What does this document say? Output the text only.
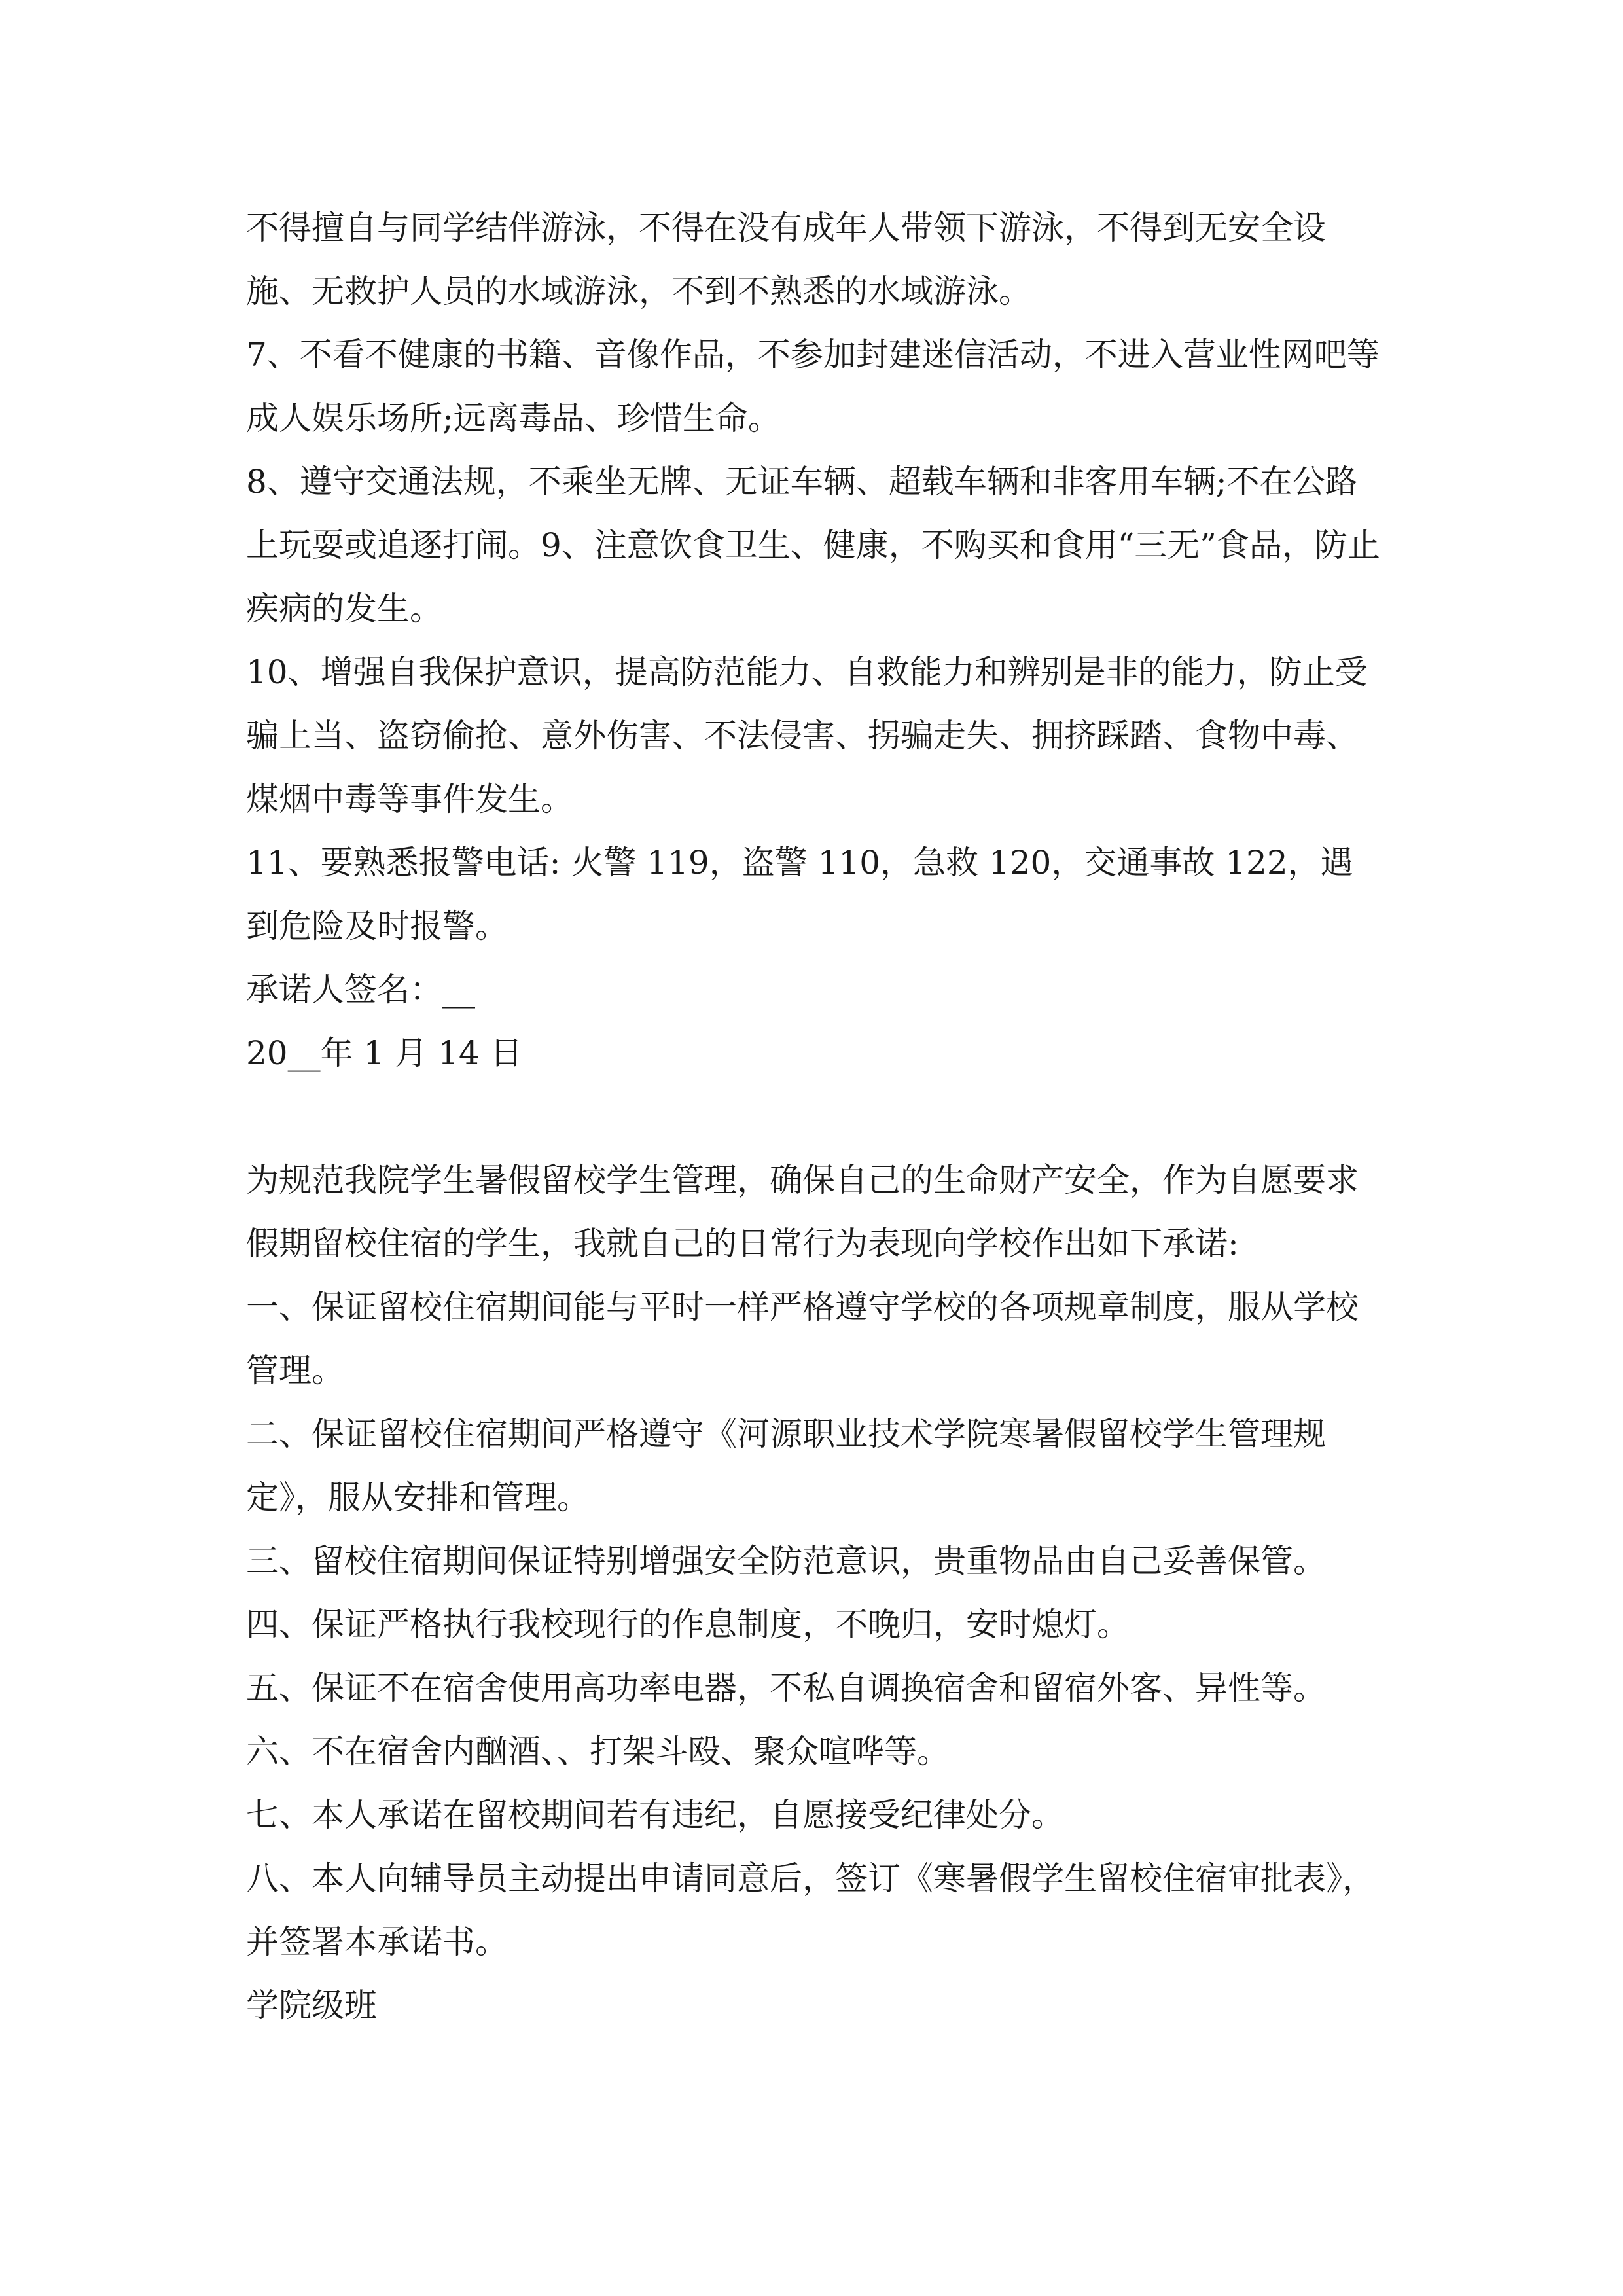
不得擅自与同学结伴游泳，不得在没有成年人带领下游泳，不得到无安全设施、无救护人员的水域游泳，不到不熟悉的水域游泳。

7、不看不健康的书籍、音像作品，不参加封建迷信活动，不进入营业性网吧等成人娱乐场所;远离毒品、珍惜生命。

8、遵守交通法规，不乘坐无牌、无证车辆、超载车辆和非客用车辆;不在公路上玩耍或追逐打闹。9、注意饮食卫生、健康，不购买和食用“三无”食品，防止疾病的发生。

10、增强自我保护意识，提高防范能力、自救能力和辨别是非的能力，防止受骗上当、盗窃偷抢、意外伤害、不法侵害、拐骗走失、拥挤踩踏、食物中毒、煤烟中毒等事件发生。

11、要熟悉报警电话: 火警 119，盗警 110，急救 120，交通事故 122，遇到危险及时报警。

承诺人签名：__

20__年 1 月 14 日

为规范我院学生暑假留校学生管理，确保自己的生命财产安全，作为自愿要求假期留校住宿的学生，我就自己的日常行为表现向学校作出如下承诺:

一、保证留校住宿期间能与平时一样严格遵守学校的各项规章制度，服从学校管理。

二、保证留校住宿期间严格遵守《河源职业技术学院寒暑假留校学生管理规定》，服从安排和管理。

三、留校住宿期间保证特别增强安全防范意识，贵重物品由自己妥善保管。

四、保证严格执行我校现行的作息制度，不晚归，安时熄灯。

五、保证不在宿舍使用高功率电器，不私自调换宿舍和留宿外客、异性等。

六、不在宿舍内酗酒、、打架斗殴、聚众喧哗等。

七、本人承诺在留校期间若有违纪，自愿接受纪律处分。

八、本人向辅导员主动提出申请同意后，签订《寒暑假学生留校住宿审批表》，并签署本承诺书。

学院级班
